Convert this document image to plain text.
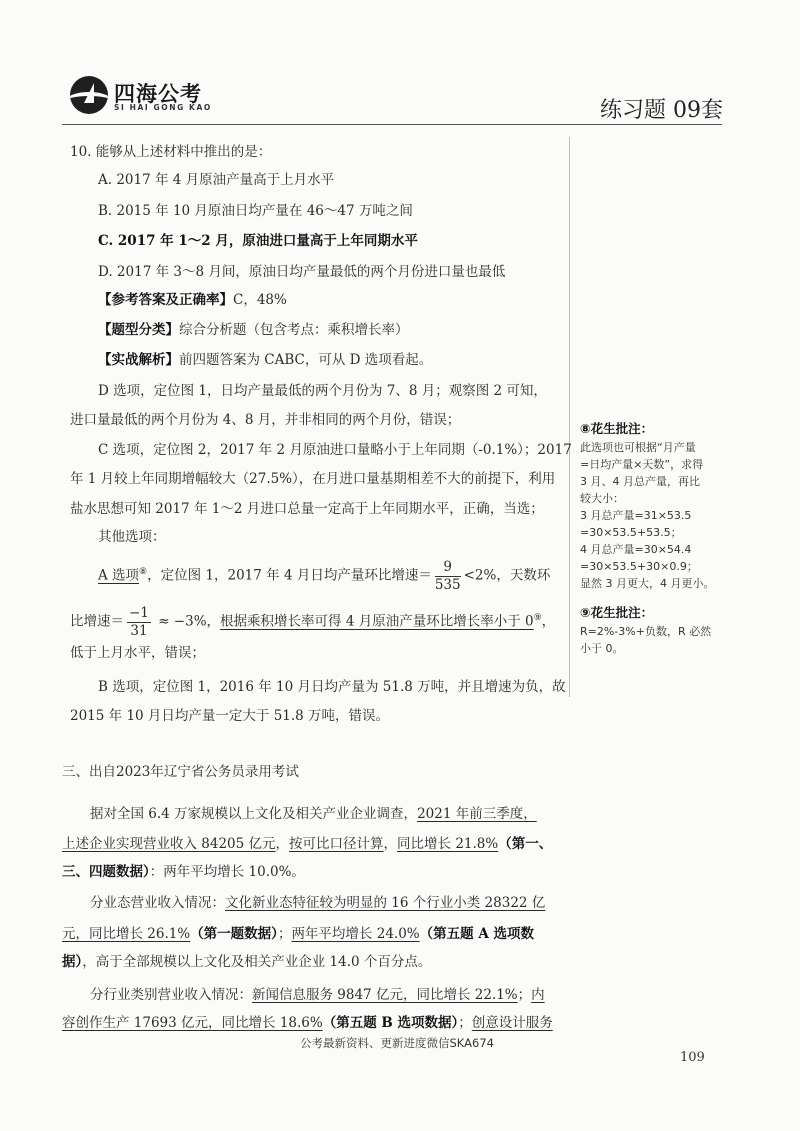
四海公考
SI HAI GONG KAO	练习题 09套
10. 能够从上述材料中推出的是：
A. 2017 年 4 月原油产量高于上月水平
B. 2015 年 10 月原油日均产量在 46～47 万吨之间
C. 2017 年 1～2 月，原油进口量高于上年同期水平
D. 2017 年 3～8 月间，原油日均产量最低的两个月份进口量也最低
【参考答案及正确率】C，48%
【题型分类】综合分析题（包含考点：乘积增长率）
【实战解析】前四题答案为 CABC，可从 D 选项看起。
D 选项，定位图 1，日均产量最低的两个月份为 7、8 月；观察图 2 可知，
进口量最低的两个月份为 4、8 月，并非相同的两个月份，错误；
C 选项，定位图 2，2017 年 2 月原油进口量略小于上年同期（-0.1%）；2017
年 1 月较上年同期增幅较大（27.5%），在月进口量基期相差不大的前提下，利用
盐水思想可知 2017 年 1～2 月进口总量一定高于上年同期水平，正确，当选；
其他选项：
A 选项⑧，定位图 1，2017 年 4 月日均产量环比增速＝ $\frac{9}{535} <2\%$，天数环
比增速＝ $\frac{-1}{31} \approx -3\%$，根据乘积增长率可得 4 月原油产量环比增长率小于 0⑨，
低于上月水平，错误；
B 选项，定位图 1，2016 年 10 月日均产量为 51.8 万吨，并且增速为负，故
2015 年 10 月日均产量一定大于 51.8 万吨，错误。
⑧花生批注：
此选项也可根据“月产量
=日均产量×天数”，求得
3 月、4 月总产量，再比
较大小：
3 月总产量=31×53.5
=30×53.5+53.5；
4 月总产量=30×54.4
=30×53.5+30×0.9；
显然 3 月更大，4 月更小。
⑨花生批注：
R=2%-3%+负数，R 必然
小于 0。
三、出自2023年辽宁省公务员录用考试
据对全国 6.4 万家规模以上文化及相关产业企业调查，2021 年前三季度，
上述企业实现营业收入 84205 亿元，按可比口径计算，同比增长 21.8%（第一、
三、四题数据）：两年平均增长 10.0%。
分业态营业收入情况：文化新业态特征较为明显的 16 个行业小类 28322 亿
元，同比增长 26.1%（第一题数据）；两年平均增长 24.0%（第五题 A 选项数
据），高于全部规模以上文化及相关产业企业 14.0 个百分点。
分行业类别营业收入情况：新闻信息服务 9847 亿元，同比增长 22.1%；内
容创作生产 17693 亿元，同比增长 18.6%（第五题 B 选项数据）；创意设计服务
公考最新资料、更新进度微信SKA674
109
